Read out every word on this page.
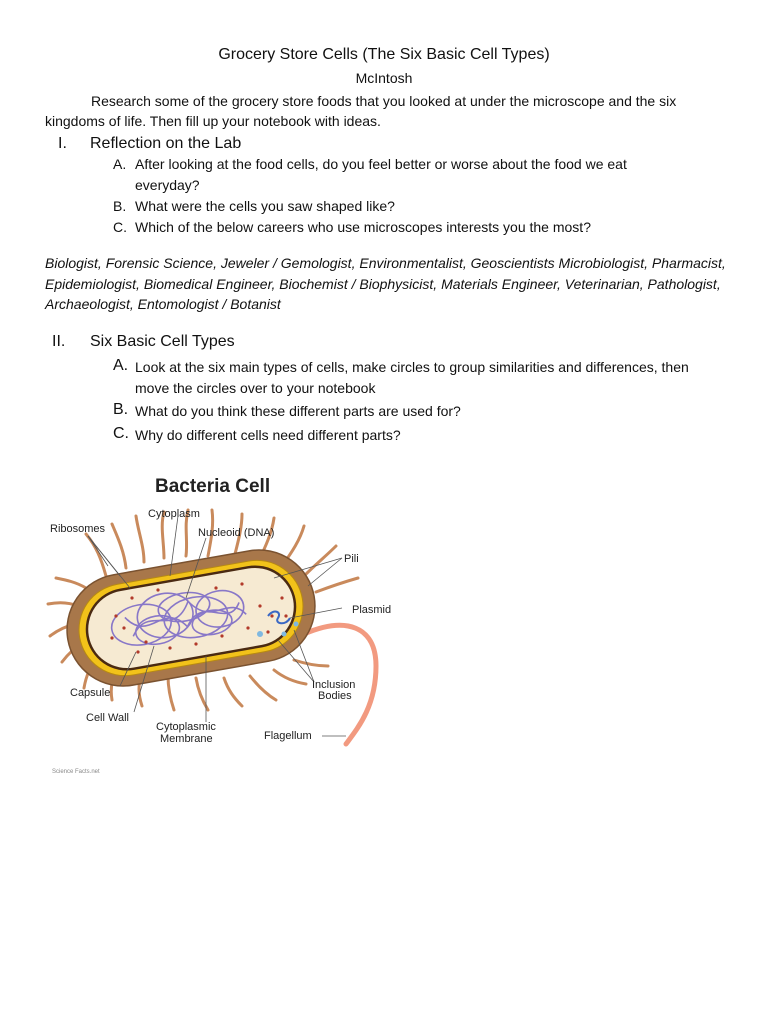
Grocery Store Cells (The Six Basic Cell Types)
McIntosh
Research some of the grocery store foods that you looked at under the microscope and the six kingdoms of life. Then fill up your notebook with ideas.
I. Reflection on the Lab
A. After looking at the food cells, do you feel better or worse about the food we eat everyday?
B. What were the cells you saw shaped like?
C. Which of the below careers who use microscopes interests you the most?
Biologist, Forensic Science, Jeweler / Gemologist, Environmentalist, Geoscientists Microbiologist, Pharmacist, Epidemiologist, Biomedical Engineer, Biochemist / Biophysicist, Materials Engineer, Veterinarian, Pathologist, Archaeologist, Entomologist / Botanist
II. Six Basic Cell Types
A. Look at the six main types of cells, make circles to group similarities and differences, then move the circles over to your notebook
B. What do you think these different parts are used for?
C. Why do different cells need different parts?
Bacteria Cell
Ribosomes
Cytoplasm
Nucleoid (DNA)
Pili
Plasmid
Capsule
Cell Wall
Cytoplasmic
Membrane
Inclusion
Bodies
Flagellum
Science Facts.net
